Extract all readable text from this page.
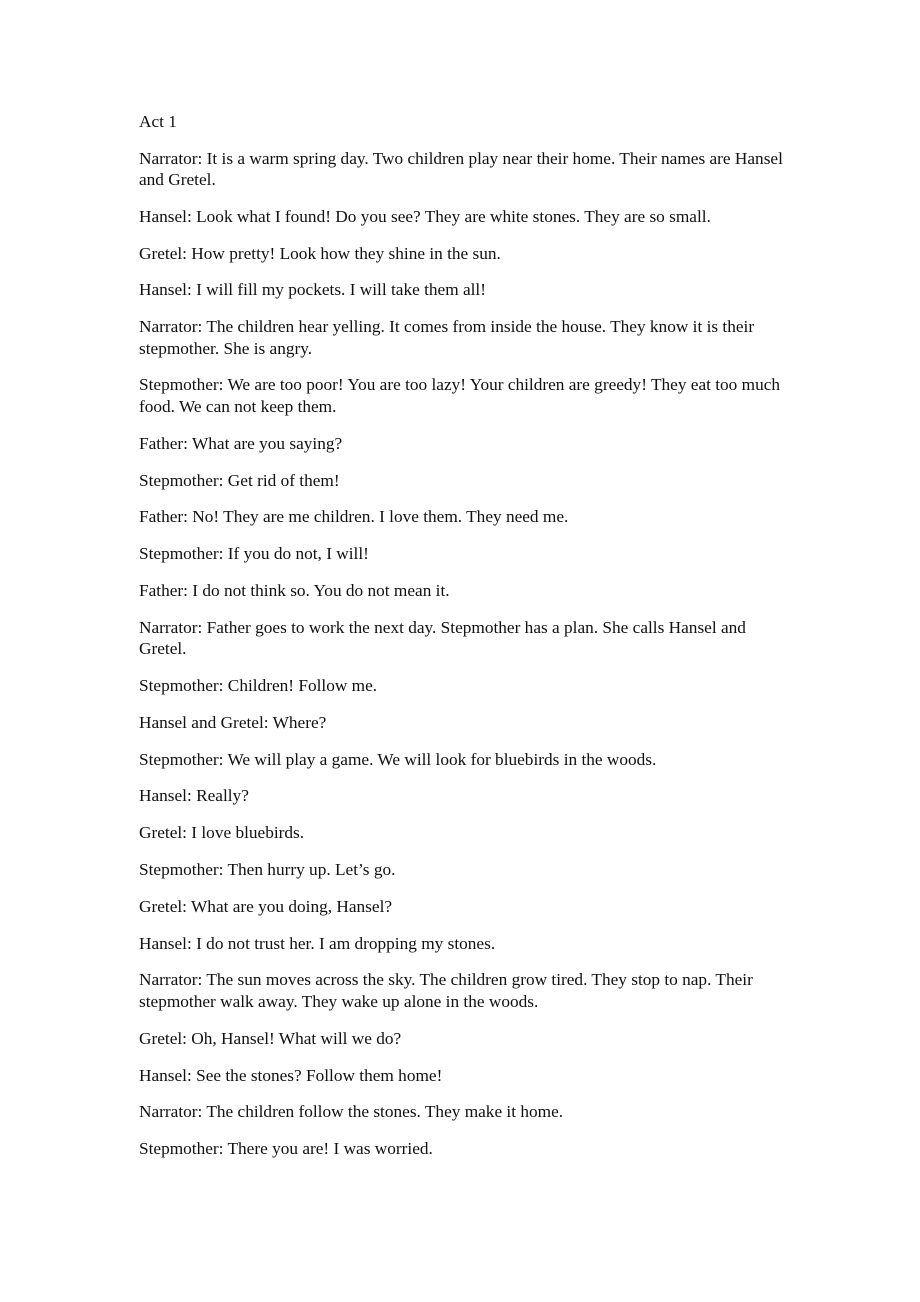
Act 1

Narrator: It is a warm spring day. Two children play near their home. Their names are Hansel and Gretel.

Hansel: Look what I found! Do you see? They are white stones. They are so small.

Gretel: How pretty! Look how they shine in the sun.

Hansel: I will fill my pockets. I will take them all!

Narrator: The children hear yelling. It comes from inside the house. They know it is their stepmother. She is angry.

Stepmother: We are too poor! You are too lazy! Your children are greedy! They eat too much food. We can not keep them.

Father: What are you saying?

Stepmother: Get rid of them!

Father: No! They are me children. I love them. They need me.

Stepmother: If you do not, I will!

Father: I do not think so. You do not mean it.

Narrator: Father goes to work the next day. Stepmother has a plan. She calls Hansel and Gretel.

Stepmother: Children! Follow me.

Hansel and Gretel: Where?

Stepmother: We will play a game. We will look for bluebirds in the woods.

Hansel: Really?

Gretel: I love bluebirds.

Stepmother: Then hurry up. Let’s go.

Gretel: What are you doing, Hansel?

Hansel: I do not trust her. I am dropping my stones.

Narrator: The sun moves across the sky. The children grow tired. They stop to nap. Their stepmother walk away. They wake up alone in the woods.

Gretel: Oh, Hansel! What will we do?

Hansel: See the stones? Follow them home!

Narrator: The children follow the stones. They make it home.

Stepmother: There you are! I was worried.
